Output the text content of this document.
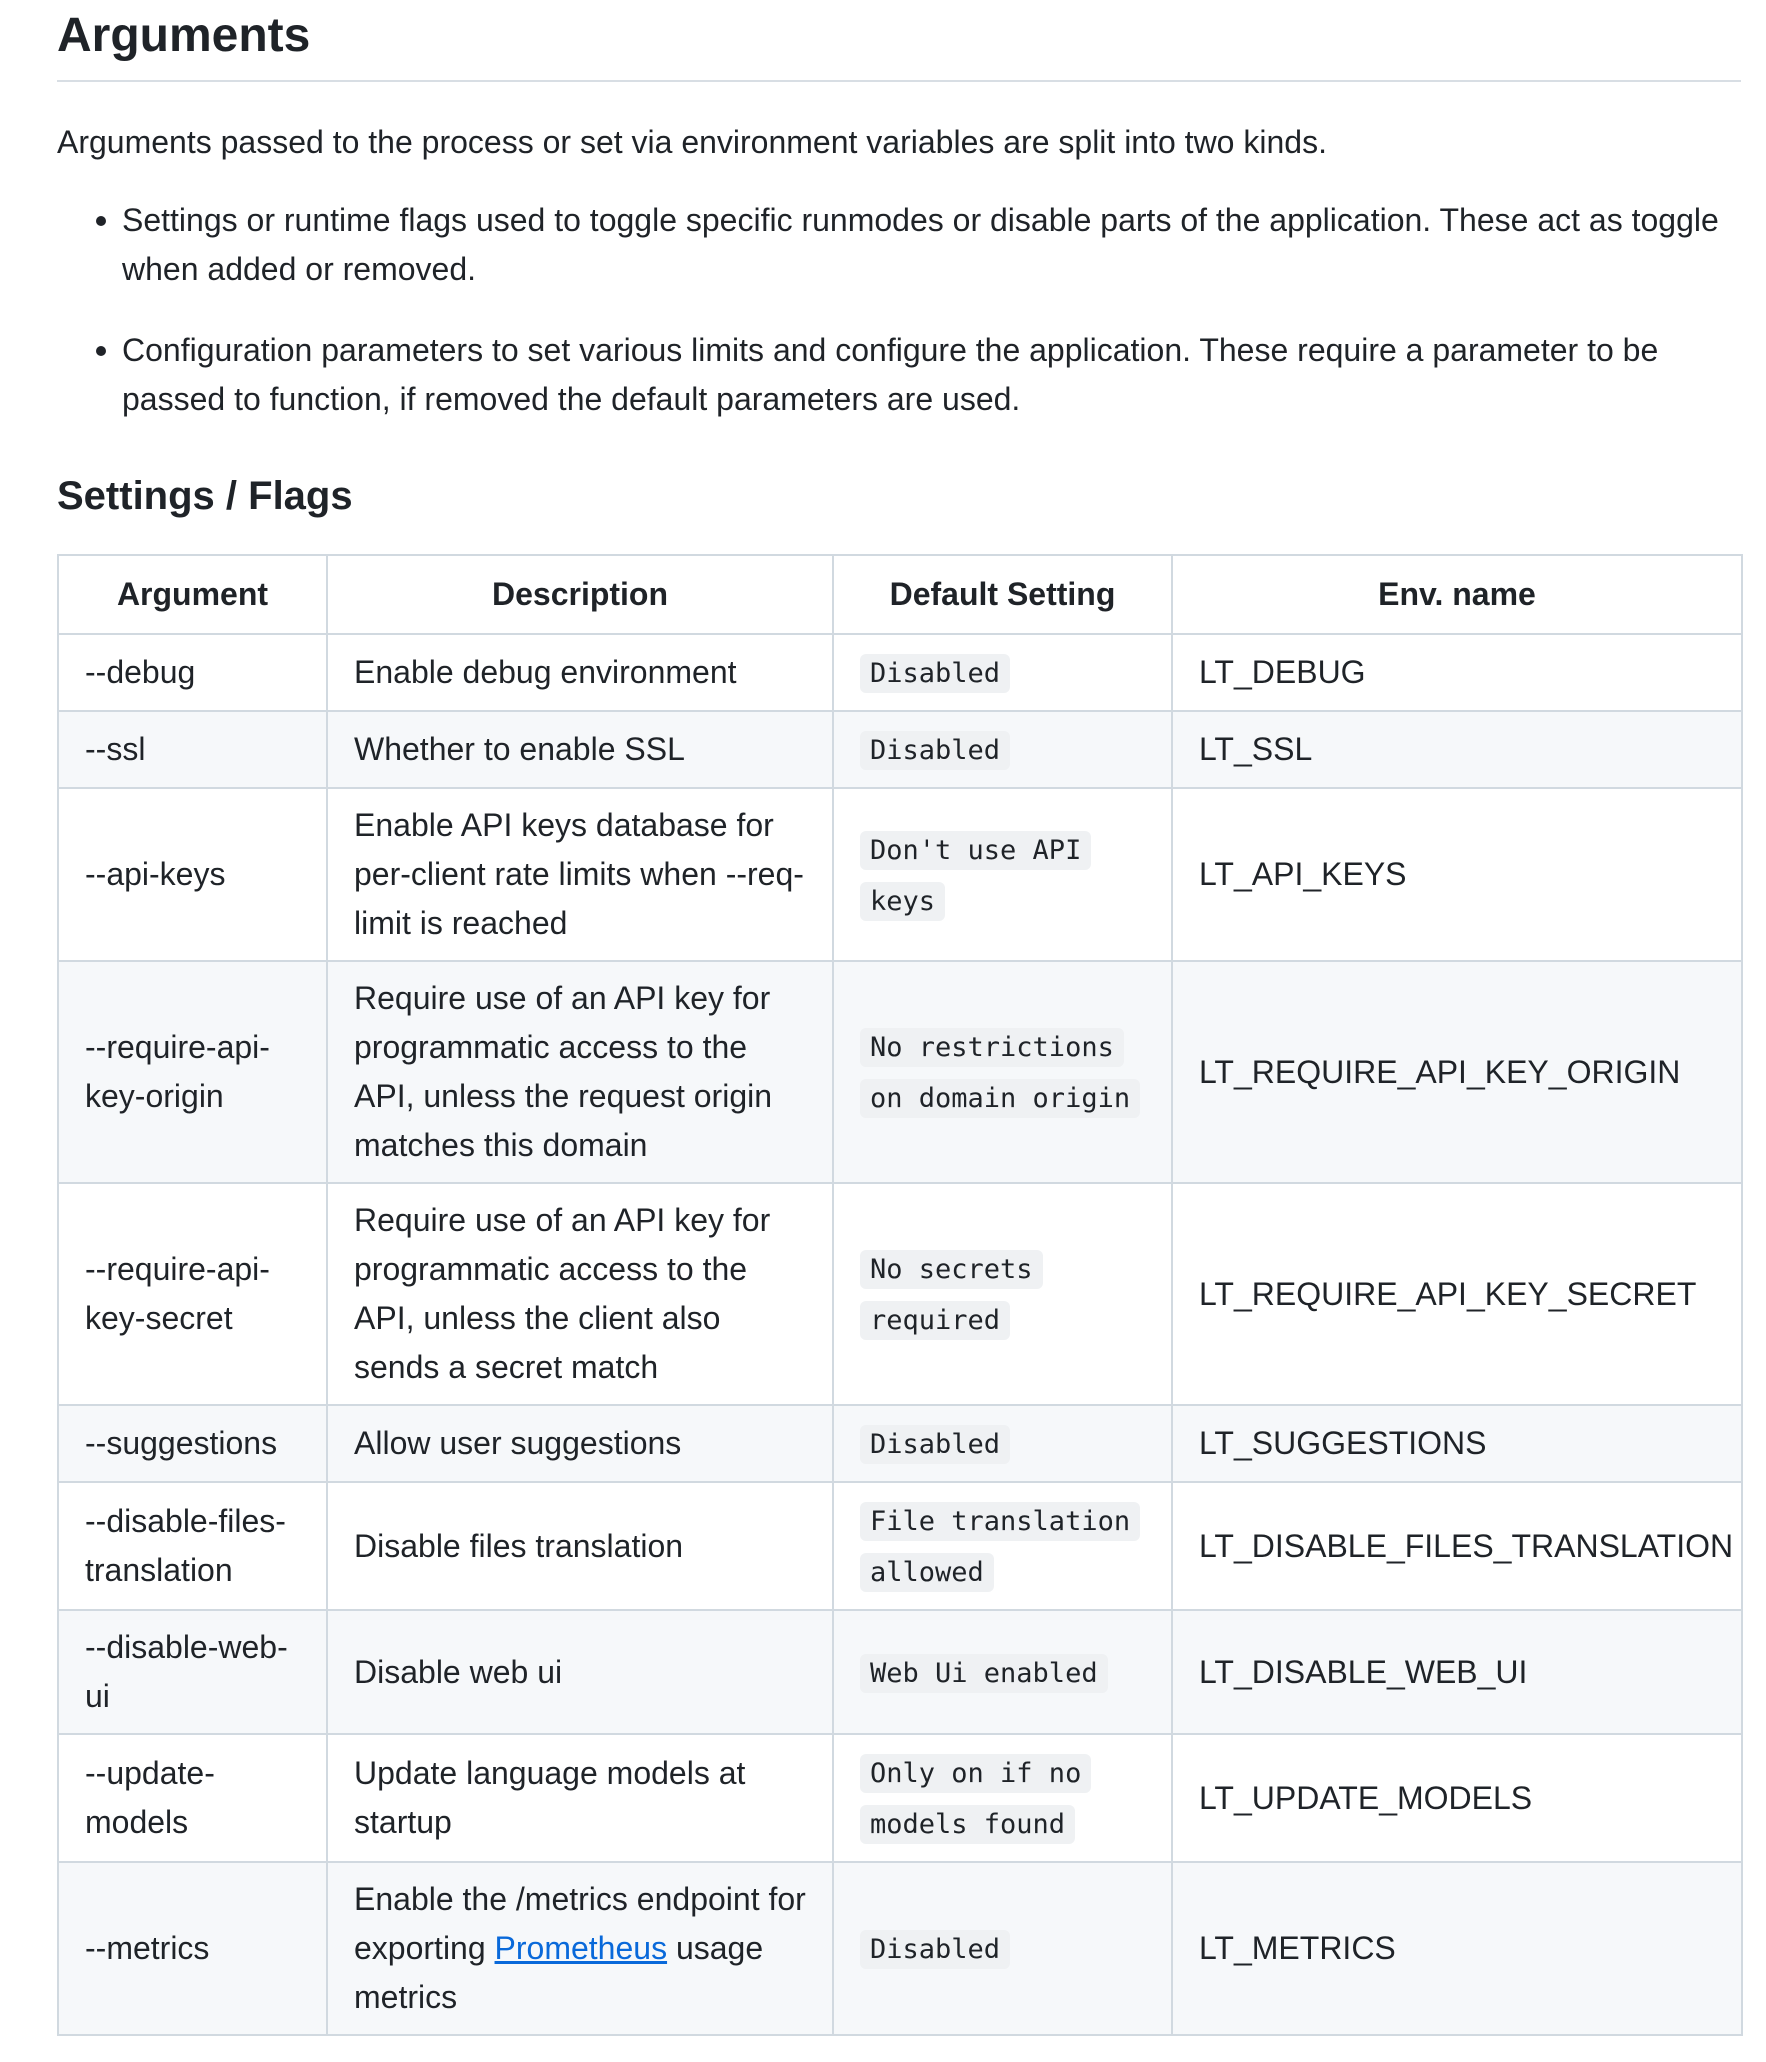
Arguments

Arguments passed to the process or set via environment variables are split into two kinds.

Settings or runtime flags used to toggle specific runmodes or disable parts of the application. These act as toggle when added or removed.
Configuration parameters to set various limits and configure the application. These require a parameter to be passed to function, if removed the default parameters are used.
Settings / Flags
Argument	Description	Default Setting	Env. name
--debug	Enable debug environment	Disabled	LT_DEBUG
--ssl	Whether to enable SSL	Disabled	LT_SSL
--api-keys	Enable API keys database for per-client rate limits when --req-limit is reached	Don't use API keys	LT_API_KEYS
--require-api-key-origin	Require use of an API key for programmatic access to the API, unless the request origin matches this domain	No restrictions on domain origin	LT_REQUIRE_API_KEY_ORIGIN
--require-api-key-secret	Require use of an API key for programmatic access to the API, unless the client also sends a secret match	No secrets required	LT_REQUIRE_API_KEY_SECRET
--suggestions	Allow user suggestions	Disabled	LT_SUGGESTIONS
--disable-files-translation	Disable files translation	File translation allowed	LT_DISABLE_FILES_TRANSLATION
--disable-web-ui	Disable web ui	Web Ui enabled	LT_DISABLE_WEB_UI
--update-models	Update language models at startup	Only on if no models found	LT_UPDATE_MODELS
--metrics	Enable the /metrics endpoint for exporting Prometheus usage metrics	Disabled	LT_METRICS
